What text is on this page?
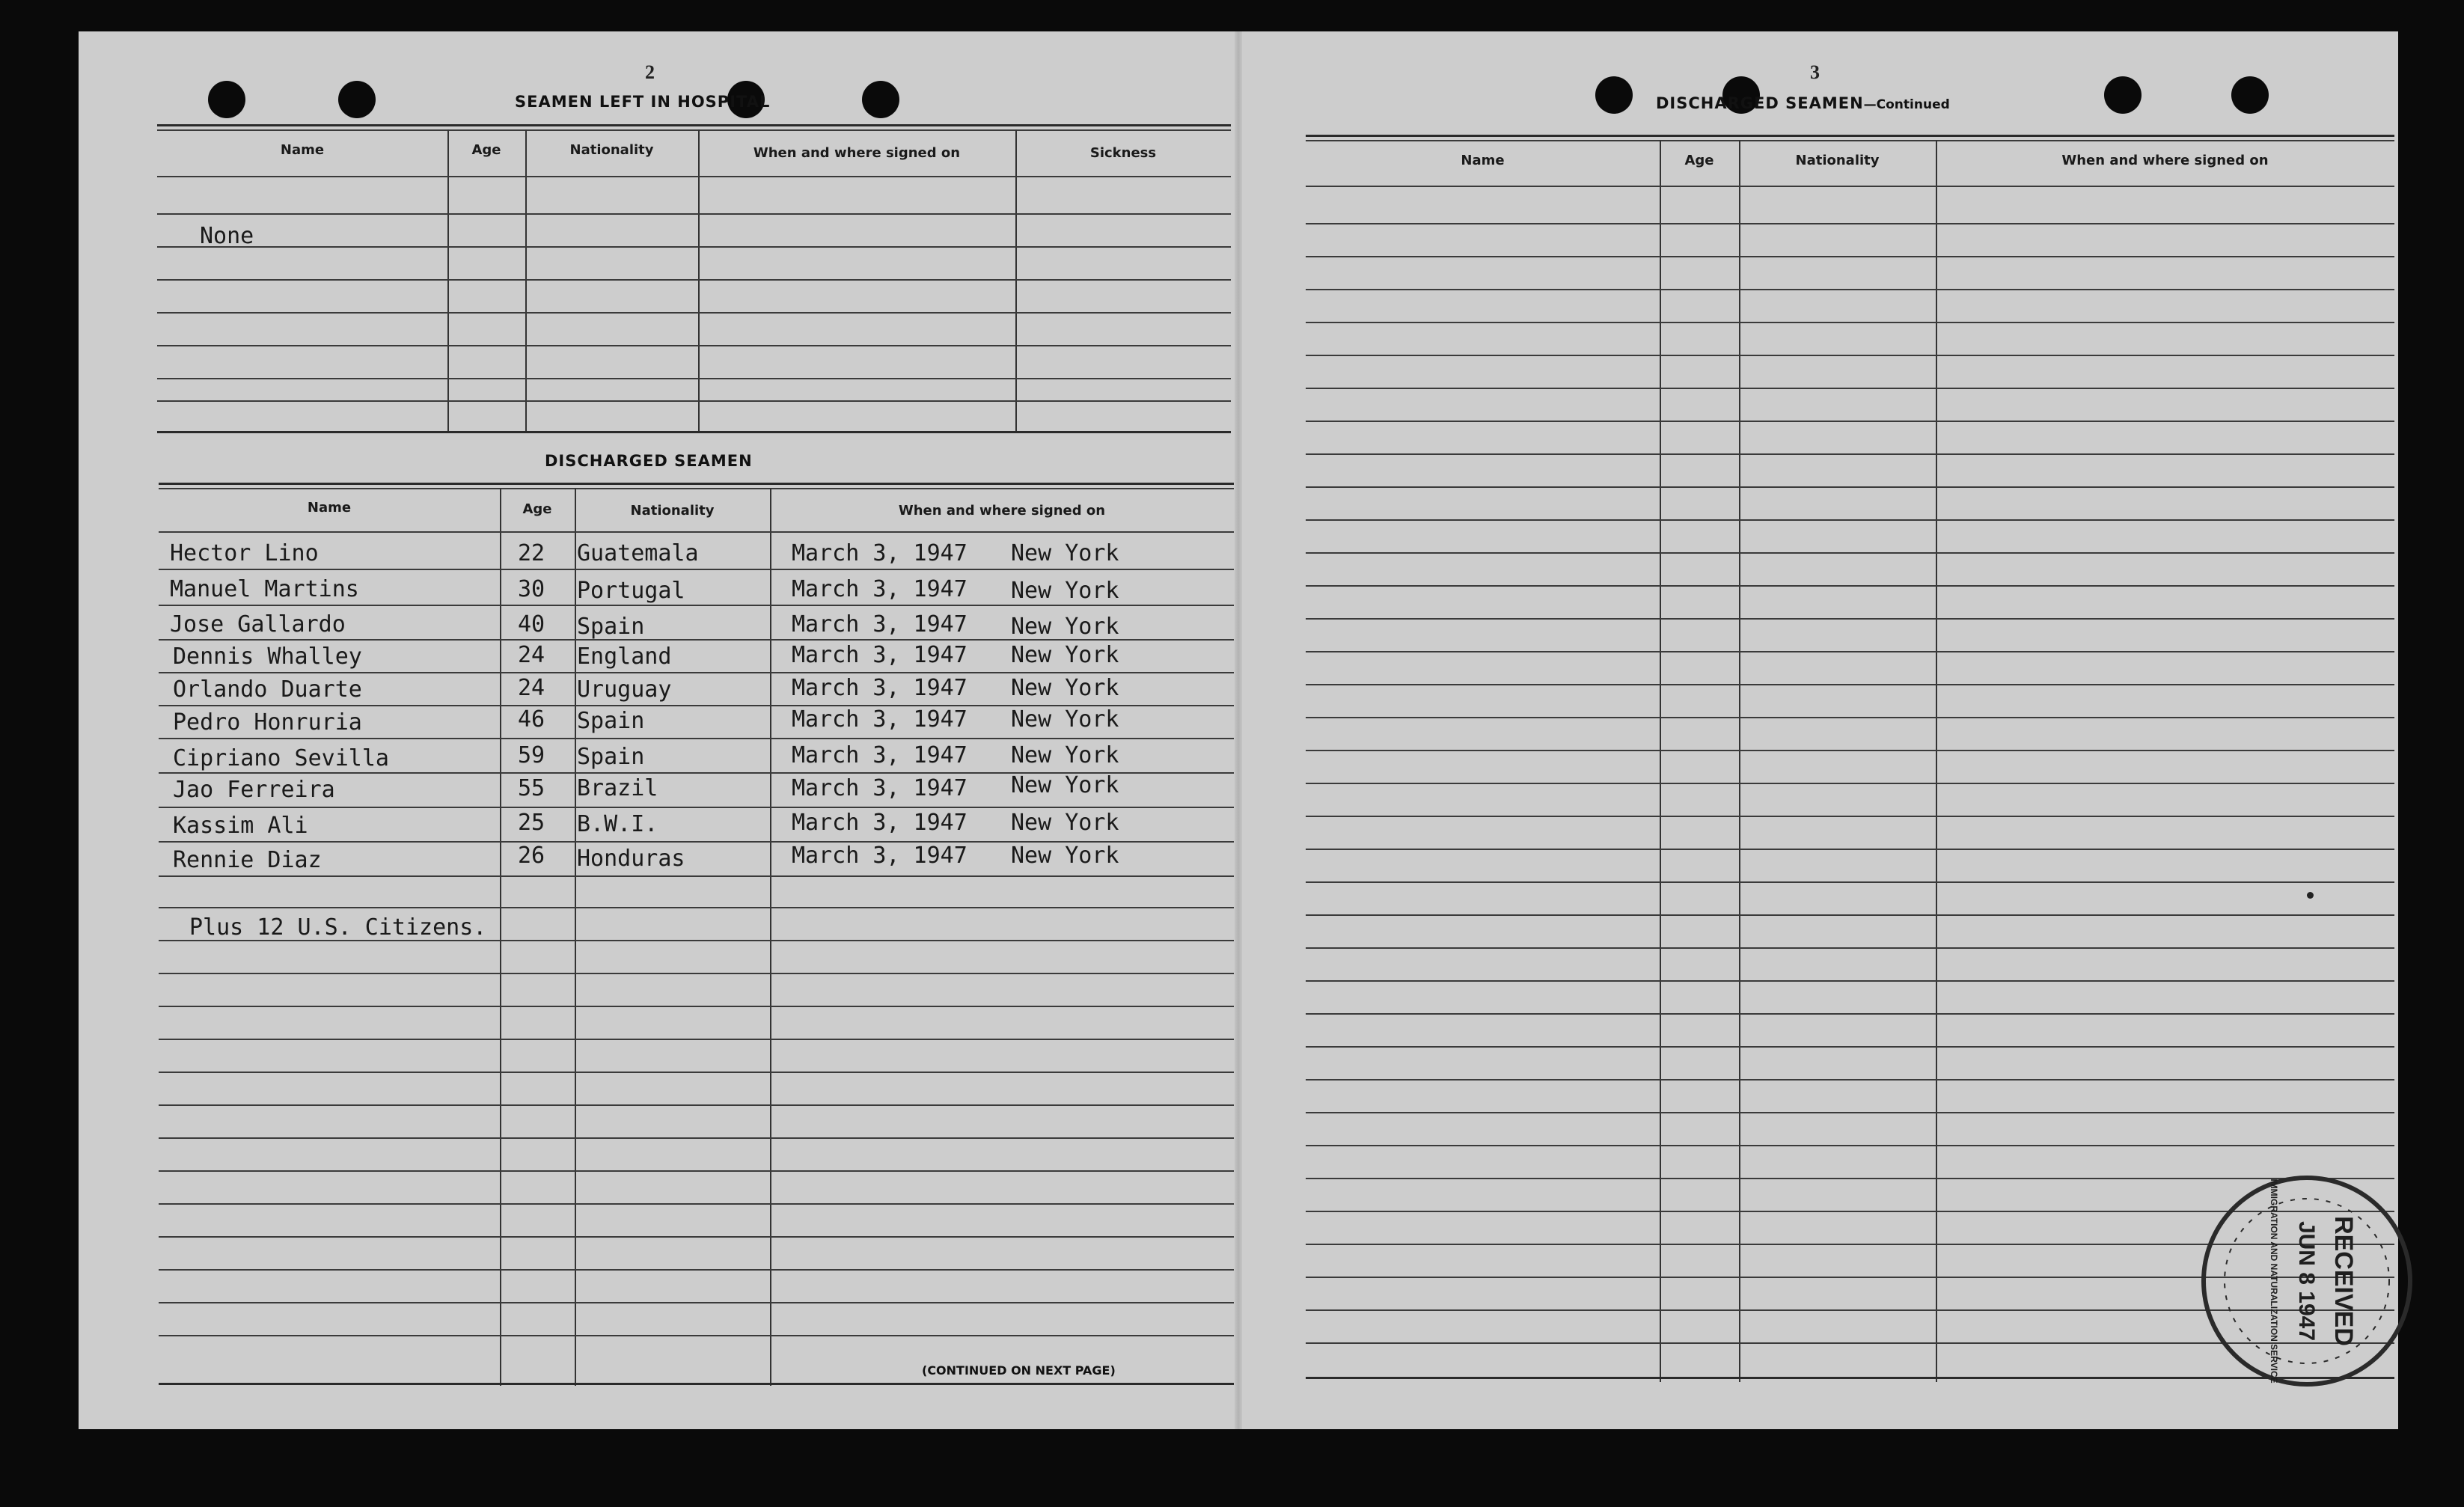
2
SEAMEN LEFT IN HOSPITAL
Name	Age	Nationality	When and where signed on	Sickness
None
DISCHARGED SEAMEN
Name	Age	Nationality	When and where signed on
Hector Lino	22 Guatemala	March 3, 1947 New York
Manuel Martins	30 Portugal	March 3, 1947 New York
Jose Gallardo	40 Spain	March 3, 1947 New York
Dennis Whalley	24 England	March 3, 1947 New York
Orlando Duarte	24 Uruguay	March 3, 1947 New York
Pedro Honruria	46 Spain	March 3, 1947 New York
Cipriano Sevilla	59 Spain	March 3, 1947 New York
Jao Ferreira	55 Brazil	March 3, 1947 New York
Kassim Ali	25 B.W.I.	March 3, 1947 New York
Rennie Diaz	26 Honduras	March 3, 1947 New York
Plus 12 U.S. Citizens.
(CONTINUED ON NEXT PAGE)
3
DISCHARGED SEAMEN—Continued
Name	Age	Nationality	When and where signed on
RECEIVED
JUN 8 1947
IMMIGRATION AND NATURALIZATION SERVICE
